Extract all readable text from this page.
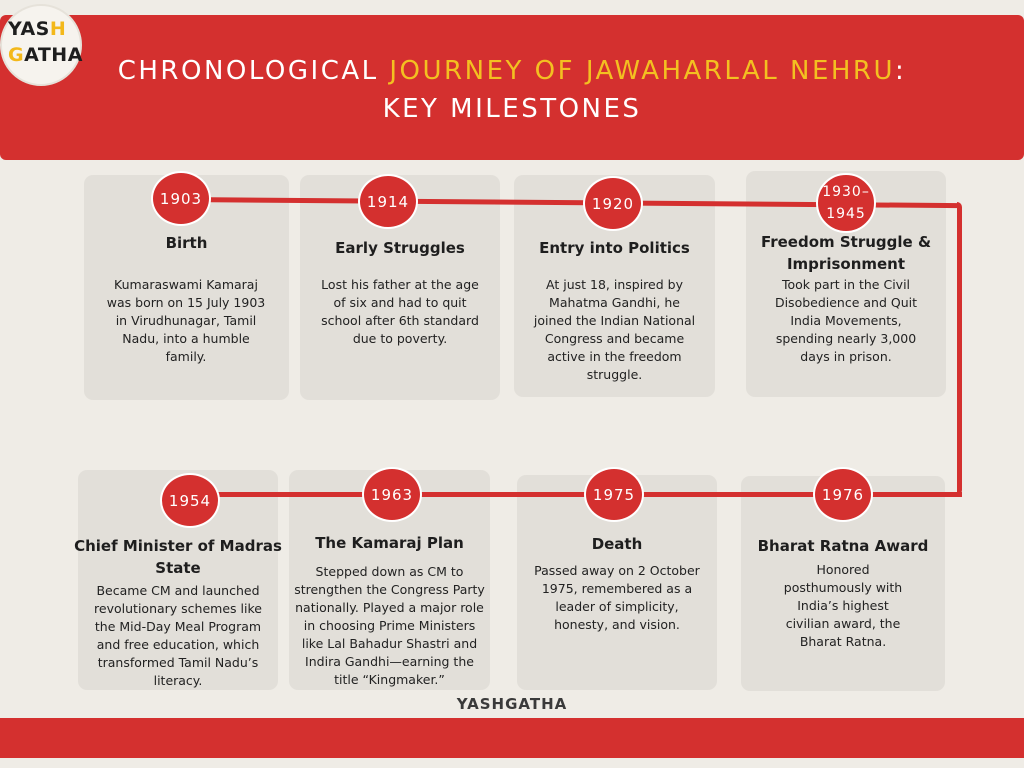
CHRONOLOGICAL JOURNEY OF JAWAHARLAL NEHRU:
KEY MILESTONES
YASH
GATHA
Birth
Kumaraswami Kamaraj was born on 15 July 1903 in Virudhunagar, Tamil Nadu, into a humble family.
Early Struggles
Lost his father at the age of six and had to quit school after 6th standard due to poverty.
Entry into Politics
At just 18, inspired by Mahatma Gandhi, he joined the Indian National Congress and became active in the freedom struggle.
Freedom Struggle & Imprisonment
Took part in the Civil Disobedience and Quit India Movements, spending nearly 3,000 days in prison.
Chief Minister of Madras State
Became CM and launched revolutionary schemes like the Mid-Day Meal Program and free education, which transformed Tamil Nadu’s literacy.
The Kamaraj Plan
Stepped down as CM to strengthen the Congress Party nationally. Played a major role in choosing Prime Ministers like Lal Bahadur Shastri and Indira Gandhi—earning the title “Kingmaker.”
Death
Passed away on 2 October 1975, remembered as a leader of simplicity, honesty, and vision.
Bharat Ratna Award
Honored posthumously with India’s highest civilian award, the Bharat Ratna.
1903	1914	1920
1930–1945
1954	1963	1975	1976
YASHGATHA
